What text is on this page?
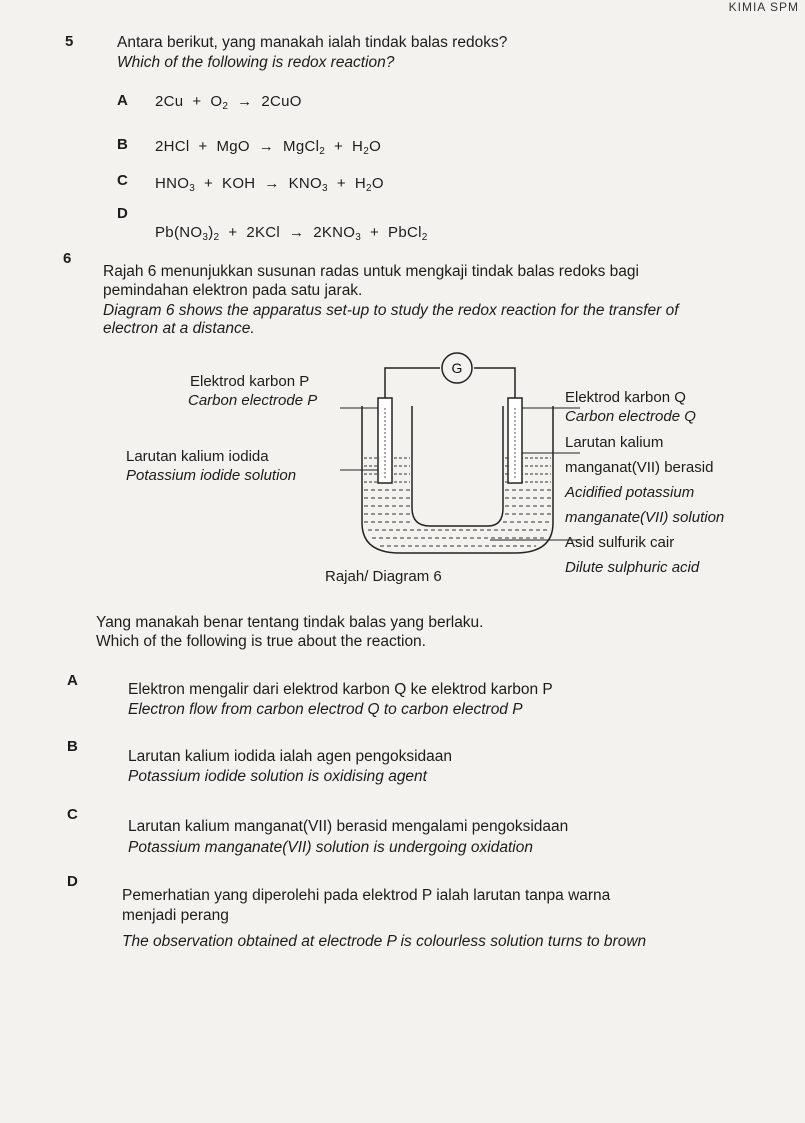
KIMIA SPM
5	Antara berikut, yang manakah ialah tindak balas redoks?
Which of the following is redox reaction?
A $2Cu + O_2 \to 2CuO$
B 2HCl  +  MgO  →  MgCl$_2$  +  $H_2O$
C $HNO_3$  +  KOH  →  $KNO_3 + H_2O$
D
$Pb(NO_3)_2 + 2KCl \to 2KNO_3$  +  PbCl$_2$
6
Rajah 6 menunjukkan susunan radas untuk mengkaji tindak balas redoks bagi
pemindahan elektron pada satu jarak.
Diagram 6 shows the apparatus set-up to study the redox reaction for the transfer of
electron at a distance.
G
Elektrod karbon P
Carbon electrode P
Larutan kalium iodida
Potassium iodide solution
Elektrod karbon Q
Carbon electrode Q
Larutan kalium
manganat(VII) berasid
Acidified potassium
manganate(VII) solution
Asid sulfurik cair
Dilute sulphuric acid
Rajah/ Diagram 6
Yang manakah benar tentang tindak balas yang berlaku.
Which of the following is true about the reaction.
A
Elektron mengalir dari elektrod karbon Q ke elektrod karbon P
Electron flow from carbon electrod Q to carbon electrod P
B
Larutan kalium iodida ialah agen pengoksidaan
Potassium iodide solution is oxidising agent
C
Larutan kalium manganat(VII) berasid mengalami pengoksidaan
Potassium manganate(VII) solution is undergoing oxidation
D
Pemerhatian yang diperolehi pada elektrod P ialah larutan tanpa warna
menjadi perang
The observation obtained at electrode P is colourless solution turns to brown
